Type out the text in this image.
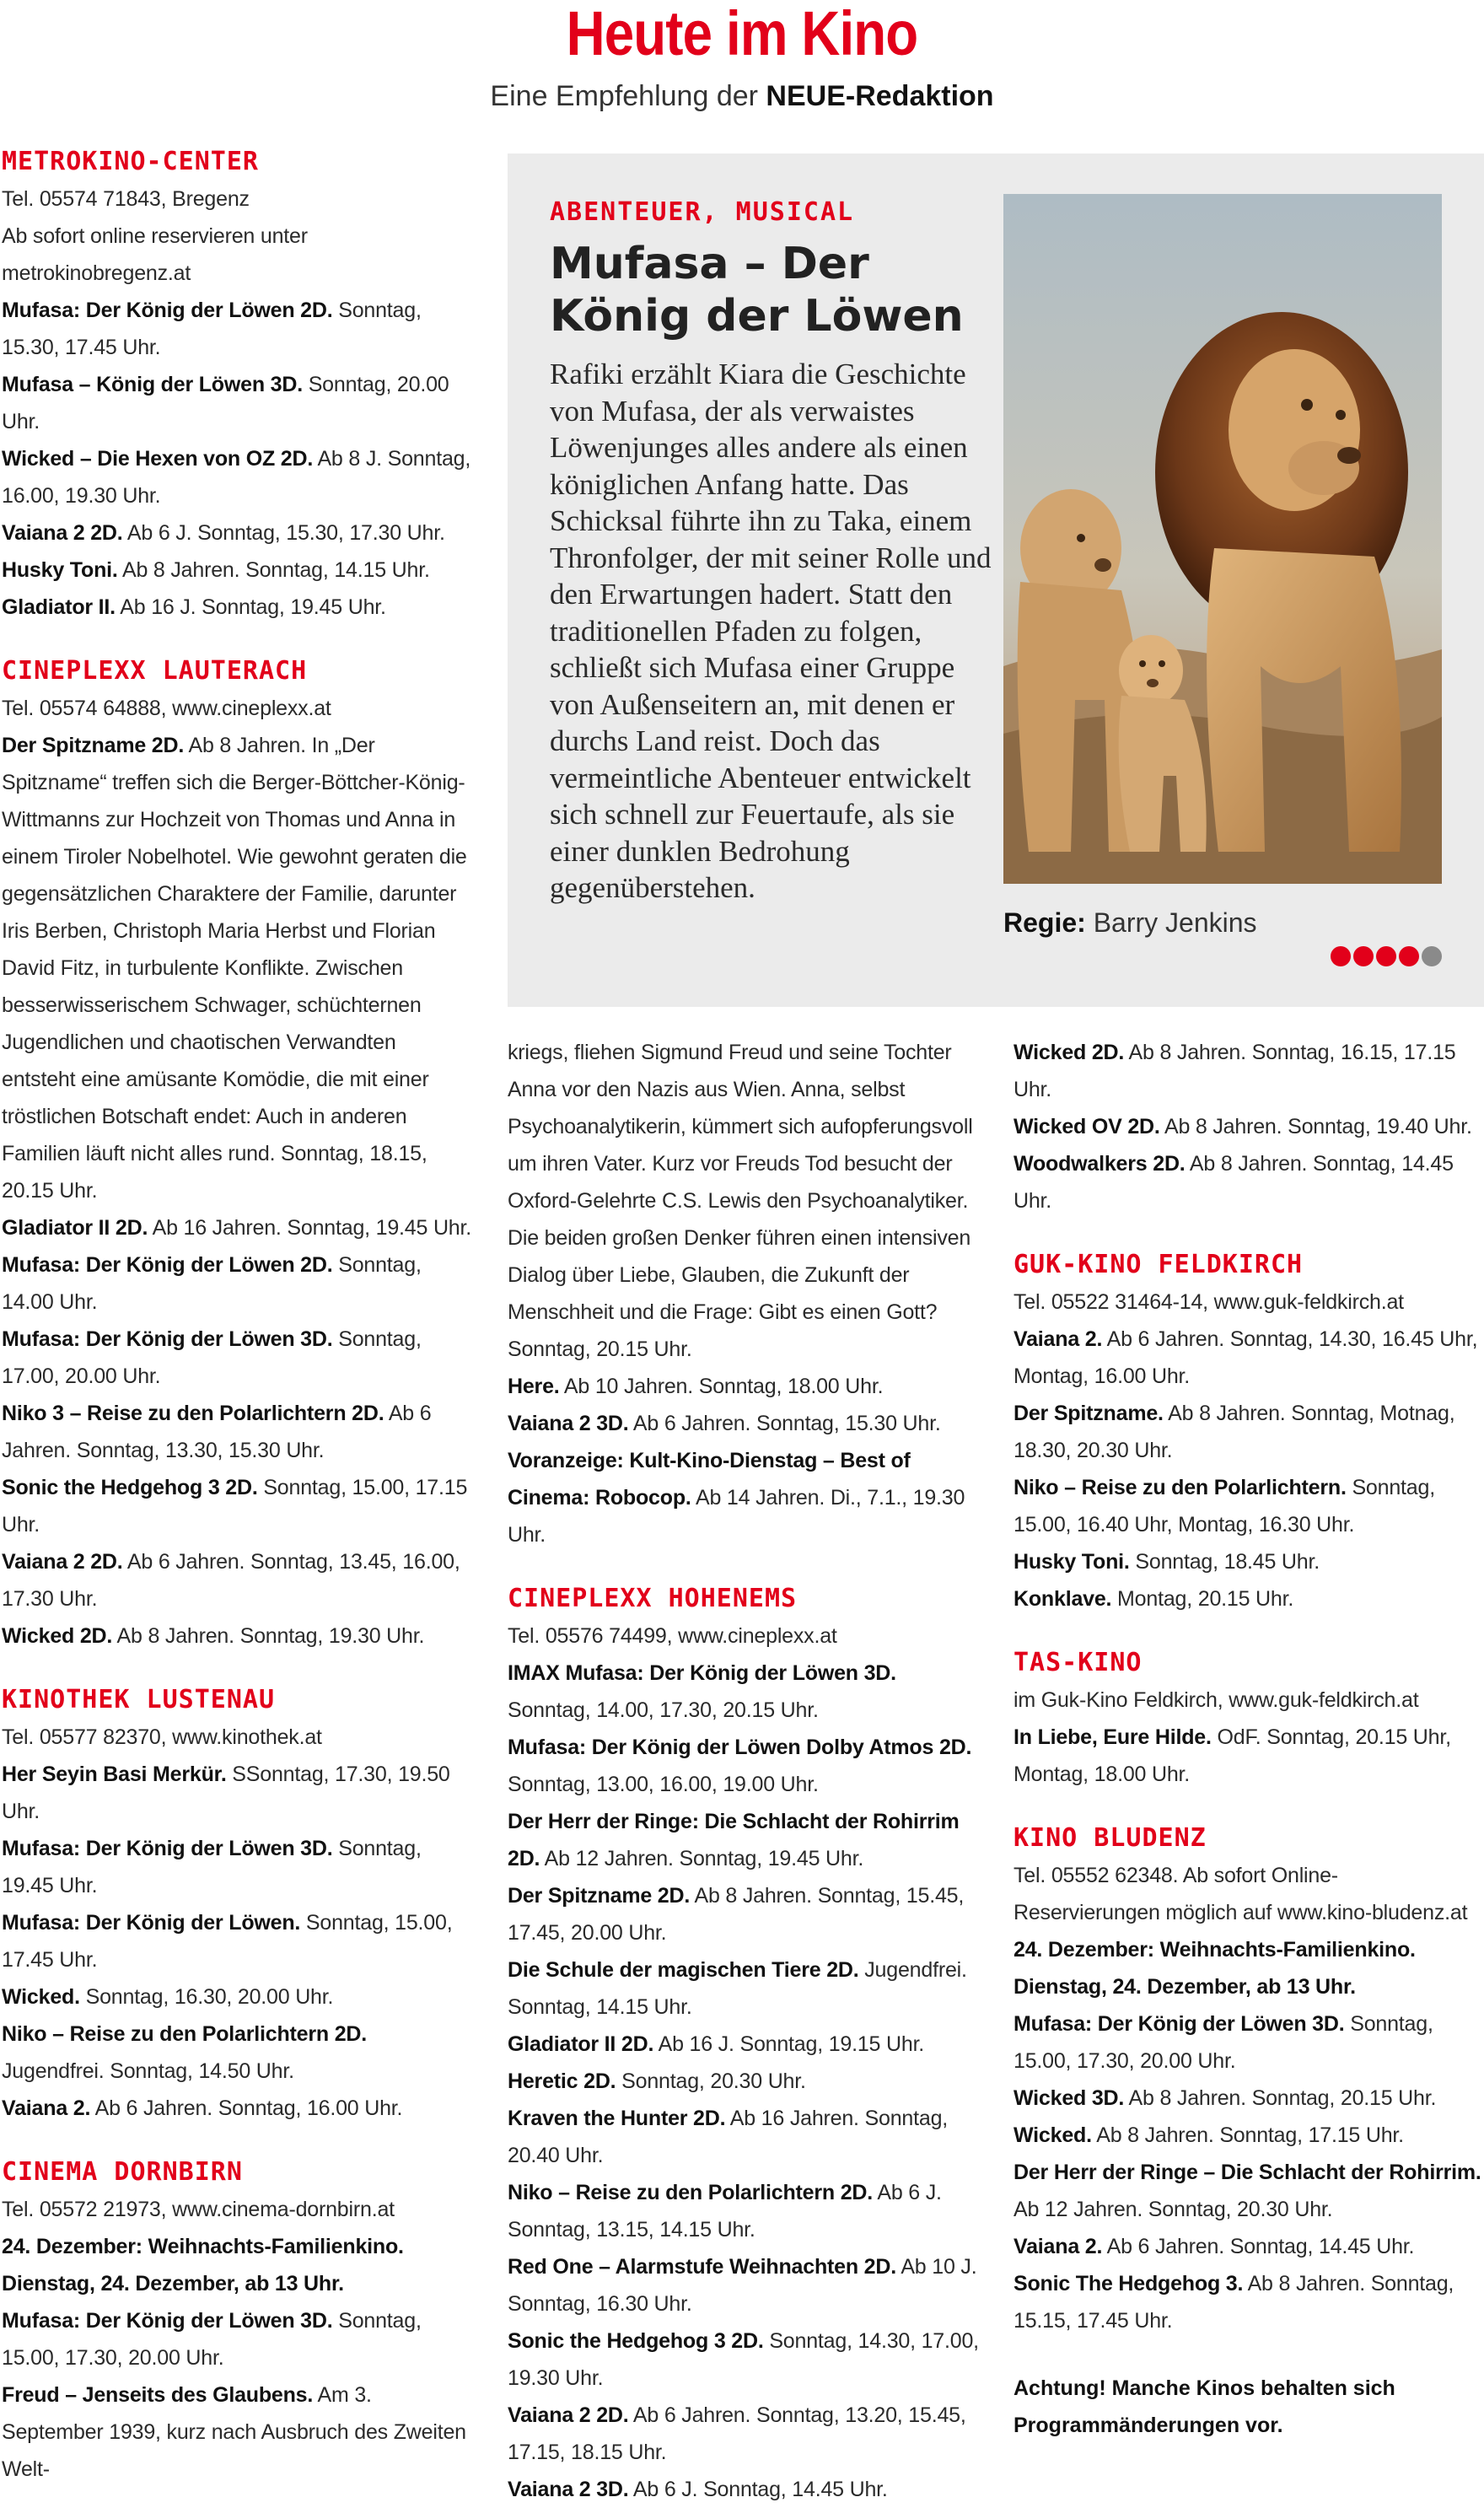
Heute im Kino
Eine Empfehlung der NEUE-Redaktion

METROKINO-CENTER

Tel. 05574 71843, Bregenz

Ab sofort online reservieren unter

metrokinobregenz.at

Mufasa: Der König der Löwen 2D. Sonntag, 15.30, 17.45 Uhr.

Mufasa – König der Löwen 3D. Sonntag, 20.00 Uhr.

Wicked – Die Hexen von OZ 2D. Ab 8 J. Sonntag, 16.00, 19.30 Uhr.

Vaiana 2 2D. Ab 6 J. Sonntag, 15.30, 17.30 Uhr.

Husky Toni. Ab 8 Jahren. Sonntag, 14.15 Uhr.

Gladiator II. Ab 16 J. Sonntag, 19.45 Uhr.

CINEPLEXX LAUTERACH

Tel. 05574 64888, www.cineplexx.at

Der Spitzname 2D. Ab 8 Jahren. In „Der Spitzname“ treffen sich die Berger-Böttcher-König-Wittmanns zur Hochzeit von Thomas und Anna in einem Tiroler Nobelhotel. Wie gewohnt geraten die gegensätzlichen Charaktere der Familie, darunter Iris Berben, Christoph Maria Herbst und Florian David Fitz, in turbulente Konflikte. Zwischen besserwisserischem Schwager, schüchternen Jugendlichen und chaotischen Verwandten entsteht eine amüsante Komödie, die mit einer tröstlichen Botschaft endet: Auch in anderen Familien läuft nicht alles rund. Sonntag, 18.15, 20.15 Uhr.

Gladiator II 2D. Ab 16 Jahren. Sonntag, 19.45 Uhr.

Mufasa: Der König der Löwen 2D. Sonntag, 14.00 Uhr.

Mufasa: Der König der Löwen 3D. Sonntag, 17.00, 20.00 Uhr.

Niko 3 – Reise zu den Polarlichtern 2D. Ab 6 Jahren. Sonntag, 13.30, 15.30 Uhr.

Sonic the Hedgehog 3 2D. Sonntag, 15.00, 17.15 Uhr.

Vaiana 2 2D. Ab 6 Jahren. Sonntag, 13.45, 16.00, 17.30 Uhr.

Wicked 2D. Ab 8 Jahren. Sonntag, 19.30 Uhr.

KINOTHEK LUSTENAU

Tel. 05577 82370, www.kinothek.at

Her Seyin Basi Merkür. SSonntag, 17.30, 19.50 Uhr.

Mufasa: Der König der Löwen 3D. Sonntag, 19.45 Uhr.

Mufasa: Der König der Löwen. Sonntag, 15.00, 17.45 Uhr.

Wicked. Sonntag, 16.30, 20.00 Uhr.

Niko – Reise zu den Polarlichtern 2D. Jugendfrei. Sonntag, 14.50 Uhr.

Vaiana 2. Ab 6 Jahren. Sonntag, 16.00 Uhr.

CINEMA DORNBIRN

Tel. 05572 21973, www.cinema-dornbirn.at

24. Dezember: Weihnachts-Familienkino. Dienstag, 24. Dezember, ab 13 Uhr.

Mufasa: Der König der Löwen 3D. Sonntag, 15.00, 17.30, 20.00 Uhr.

Freud – Jenseits des Glaubens. Am 3. September 1939, kurz nach Ausbruch des Zweiten Welt-

ABENTEUER, MUSICAL
Mufasa – Der König der Löwen
Rafiki erzählt Kiara die Geschichte von Mufasa, der als verwaistes Löwenjunges alles andere als einen königlichen Anfang hatte. Das Schicksal führte ihn zu Taka, einem Thronfolger, der mit seiner Rolle und den Erwartungen hadert. Statt den traditionellen Pfaden zu folgen, schließt sich Mufasa einer Gruppe von Außenseitern an, mit denen er durchs Land reist. Doch das vermeintliche Abenteuer entwickelt sich schnell zur Feuertaufe, als sie einer dunklen Bedrohung gegenüberstehen.
Regie: Barry Jenkins

kriegs, fliehen Sigmund Freud und seine Tochter Anna vor den Nazis aus Wien. Anna, selbst Psychoanalytikerin, kümmert sich aufopferungsvoll um ihren Vater. Kurz vor Freuds Tod besucht der Oxford-Gelehrte C.S. Lewis den Psychoanalytiker. Die beiden großen Denker führen einen intensiven Dialog über Liebe, Glauben, die Zukunft der Menschheit und die Frage: Gibt es einen Gott? Sonntag, 20.15 Uhr.

Here. Ab 10 Jahren. Sonntag, 18.00 Uhr.

Vaiana 2 3D. Ab 6 Jahren. Sonntag, 15.30 Uhr.

Voranzeige: Kult-Kino-Dienstag – Best of Cinema: Robocop. Ab 14 Jahren. Di., 7.1., 19.30 Uhr.

CINEPLEXX HOHENEMS

Tel. 05576 74499, www.cineplexx.at

IMAX Mufasa: Der König der Löwen 3D. Sonntag, 14.00, 17.30, 20.15 Uhr.

Mufasa: Der König der Löwen Dolby Atmos 2D. Sonntag, 13.00, 16.00, 19.00 Uhr.

Der Herr der Ringe: Die Schlacht der Rohirrim 2D. Ab 12 Jahren. Sonntag, 19.45 Uhr.

Der Spitzname 2D. Ab 8 Jahren. Sonntag, 15.45, 17.45, 20.00 Uhr.

Die Schule der magischen Tiere 2D. Jugendfrei. Sonntag, 14.15 Uhr.

Gladiator II 2D. Ab 16 J. Sonntag, 19.15 Uhr.

Heretic 2D. Sonntag, 20.30 Uhr.

Kraven the Hunter 2D. Ab 16 Jahren. Sonntag, 20.40 Uhr.

Niko – Reise zu den Polarlichtern 2D. Ab 6 J. Sonntag, 13.15, 14.15 Uhr.

Red One – Alarmstufe Weihnachten 2D. Ab 10 J. Sonntag, 16.30 Uhr.

Sonic the Hedgehog 3 2D. Sonntag, 14.30, 17.00, 19.30 Uhr.

Vaiana 2 2D. Ab 6 Jahren. Sonntag, 13.20, 15.45, 17.15, 18.15 Uhr.

Vaiana 2 3D. Ab 6 J. Sonntag, 14.45 Uhr.

Wicked 2D. Ab 8 Jahren. Sonntag, 16.15, 17.15 Uhr.

Wicked OV 2D. Ab 8 Jahren. Sonntag, 19.40 Uhr.

Woodwalkers 2D. Ab 8 Jahren. Sonntag, 14.45 Uhr.

GUK-KINO FELDKIRCH

Tel. 05522 31464-14, www.guk-feldkirch.at

Vaiana 2. Ab 6 Jahren. Sonntag, 14.30, 16.45 Uhr, Montag, 16.00 Uhr.

Der Spitzname. Ab 8 Jahren. Sonntag, Motnag, 18.30, 20.30 Uhr.

Niko – Reise zu den Polarlichtern. Sonntag, 15.00, 16.40 Uhr, Montag, 16.30 Uhr.

Husky Toni. Sonntag, 18.45 Uhr.

Konklave. Montag, 20.15 Uhr.

TAS-KINO

im Guk-Kino Feldkirch, www.guk-feldkirch.at

In Liebe, Eure Hilde. OdF. Sonntag, 20.15 Uhr, Montag, 18.00 Uhr.

KINO BLUDENZ

Tel. 05552 62348. Ab sofort Online-Reservierungen möglich auf www.kino-bludenz.at

24. Dezember: Weihnachts-Familienkino. Dienstag, 24. Dezember, ab 13 Uhr.

Mufasa: Der König der Löwen 3D. Sonntag, 15.00, 17.30, 20.00 Uhr.

Wicked 3D. Ab 8 Jahren. Sonntag, 20.15 Uhr.

Wicked. Ab 8 Jahren. Sonntag, 17.15 Uhr.

Der Herr der Ringe – Die Schlacht der Rohirrim. Ab 12 Jahren. Sonntag, 20.30 Uhr.

Vaiana 2. Ab 6 Jahren. Sonntag, 14.45 Uhr.

Sonic The Hedgehog 3. Ab 8 Jahren. Sonntag, 15.15, 17.45 Uhr.

Achtung! Manche Kinos behalten sich Programmänderungen vor.
